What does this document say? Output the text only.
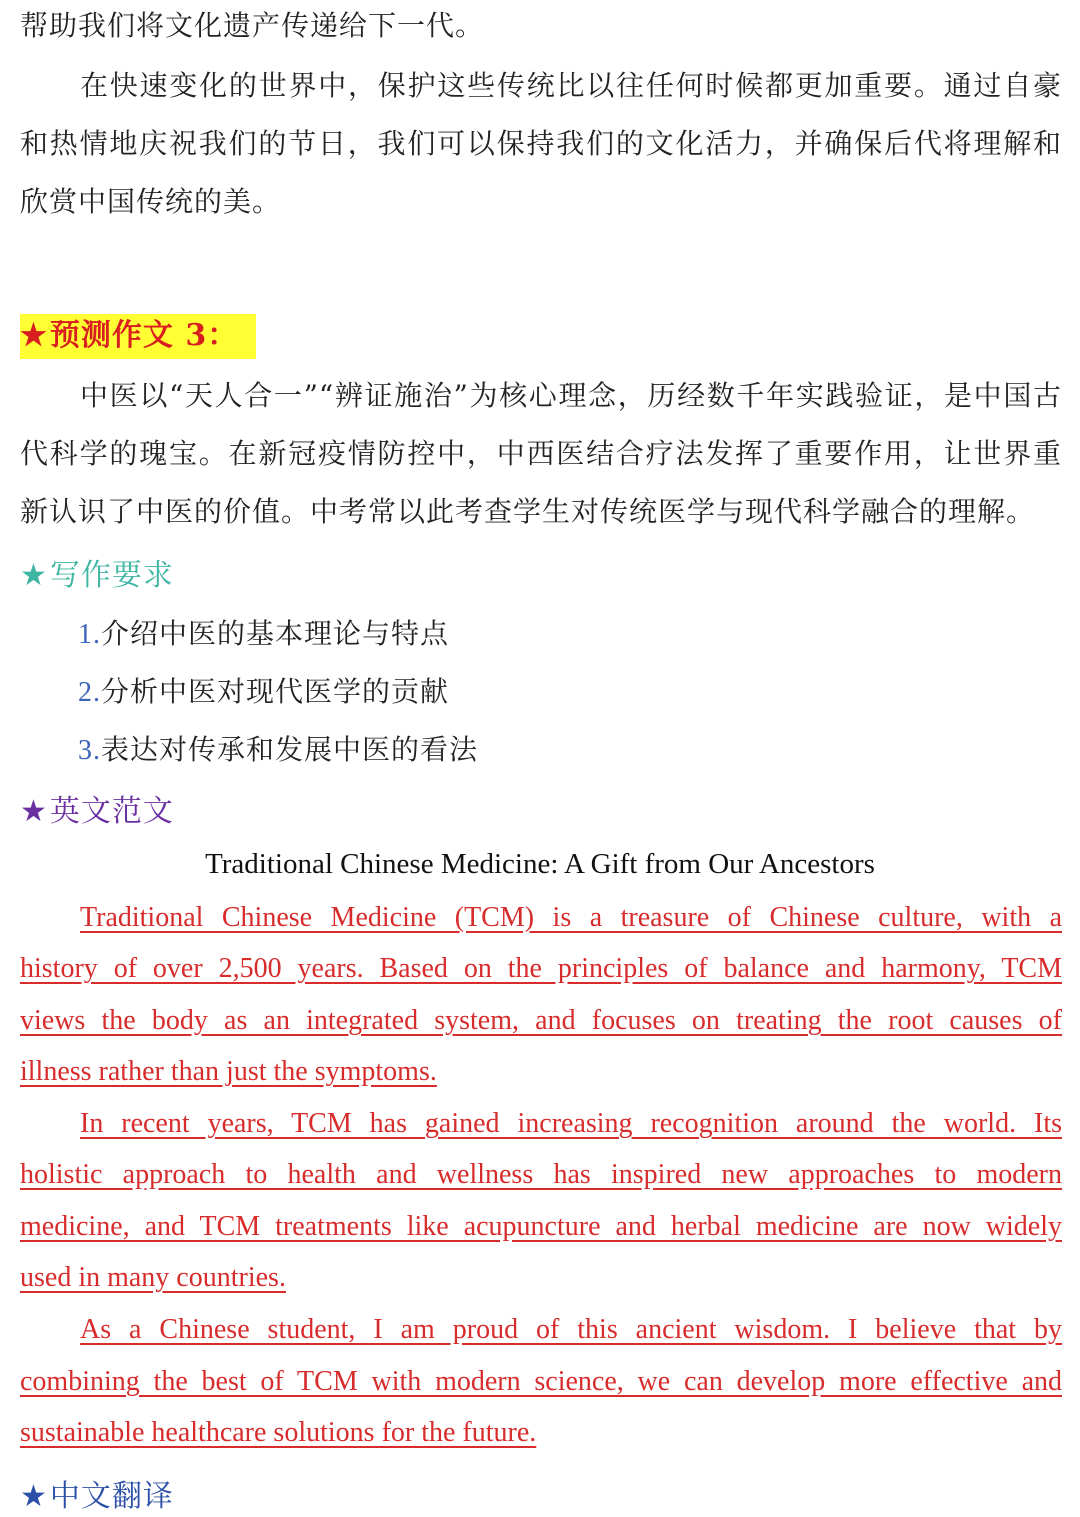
帮助我们将文化遗产传递给下一代。
在快速变化的世界中，保护这些传统比以往任何时候都更加重要。通过自豪
和热情地庆祝我们的节日，我们可以保持我们的文化活力，并确保后代将理解和
欣赏中国传统的美。
★预测作文 3：
中医以“天人合一”“辨证施治”为核心理念，历经数千年实践验证，是中国古
代科学的瑰宝。在新冠疫情防控中，中西医结合疗法发挥了重要作用，让世界重
新认识了中医的价值。中考常以此考查学生对传统医学与现代科学融合的理解。
★写作要求
1.介绍中医的基本理论与特点
2.分析中医对现代医学的贡献
3.表达对传承和发展中医的看法
★英文范文
Traditional Chinese Medicine: A Gift from Our Ancestors
Traditional Chinese Medicine (TCM) is a treasure of Chinese culture, with a
history of over 2,500 years. Based on the principles of balance and harmony, TCM
views the body as an integrated system, and focuses on treating the root causes of
illness rather than just the symptoms.
In recent years, TCM has gained increasing recognition around the world. Its
holistic approach to health and wellness has inspired new approaches to modern
medicine, and TCM treatments like acupuncture and herbal medicine are now widely
used in many countries.
As a Chinese student, I am proud of this ancient wisdom. I believe that by
combining the best of TCM with modern science, we can develop more effective and
sustainable healthcare solutions for the future.
★中文翻译
